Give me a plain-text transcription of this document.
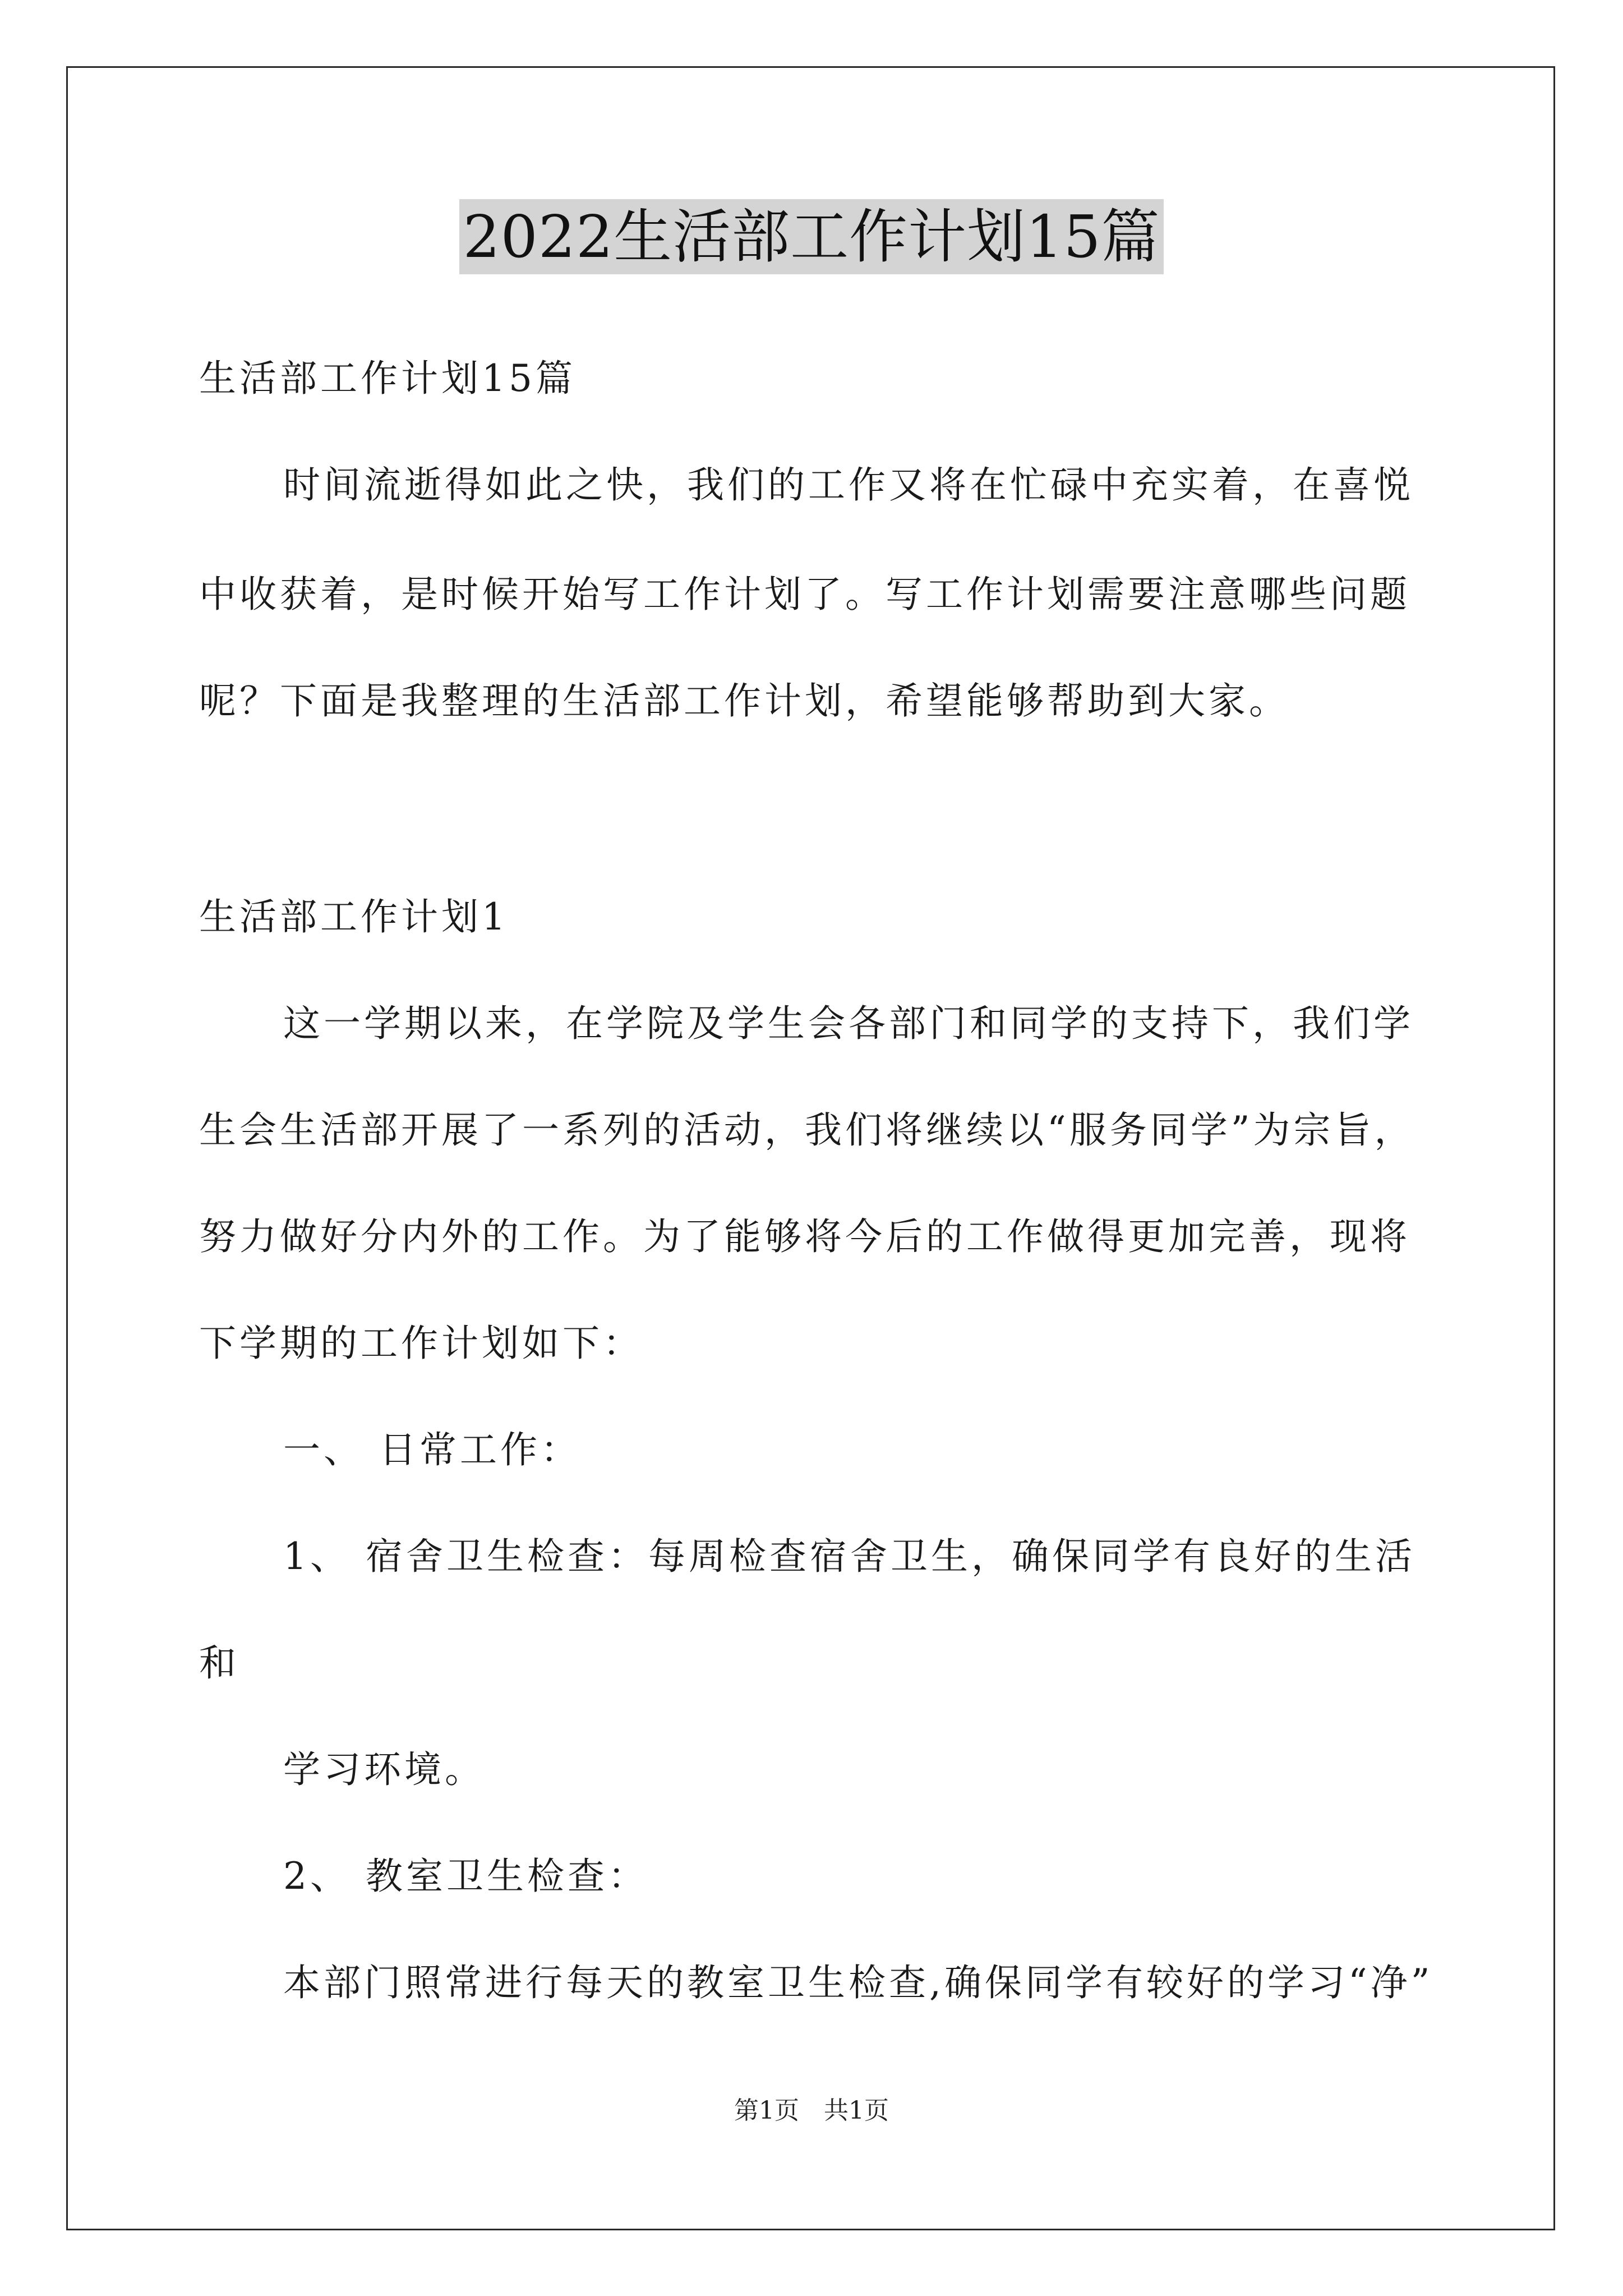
2022生活部工作计划15篇
生活部工作计划15篇
时间流逝得如此之快，我们的工作又将在忙碌中充实着，在喜悦
中收获着，是时候开始写工作计划了。写工作计划需要注意哪些问题
呢？下面是我整理的生活部工作计划，希望能够帮助到大家。
生活部工作计划1
这一学期以来，在学院及学生会各部门和同学的支持下，我们学
生会生活部开展了一系列的活动，我们将继续以“服务同学”为宗旨，
努力做好分内外的工作。为了能够将今后的工作做得更加完善，现将
下学期的工作计划如下：
一、 日常工作：
1、 宿舍卫生检查：每周检查宿舍卫生，确保同学有良好的生活
和
学习环境。
2、 教室卫生检查：
本部门照常进行每天的教室卫生检查,确保同学有较好的学习“净”
第1页　共1页
